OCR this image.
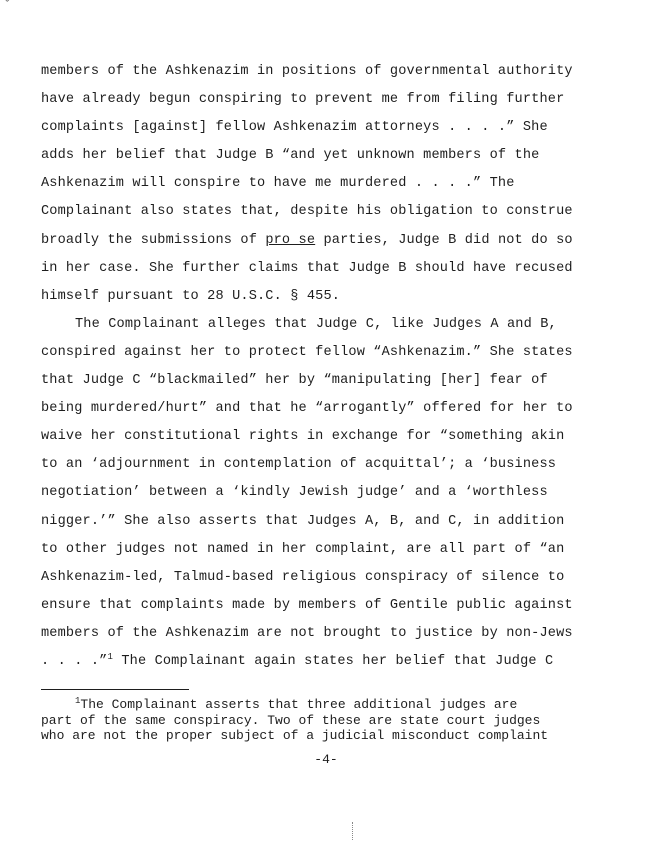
ˇ

members of the Ashkenazim in positions of governmental authority

have already begun conspiring to prevent me from filing further

complaints [against] fellow Ashkenazim attorneys . . . .” She

adds her belief that Judge B “and yet unknown members of the

Ashkenazim will conspire to have me murdered . . . .” The

Complainant also states that, despite his obligation to construe

broadly the submissions of pro se parties, Judge B did not do so

in her case. She further claims that Judge B should have recused

himself pursuant to 28 U.S.C. § 455.

The Complainant alleges that Judge C, like Judges A and B,

conspired against her to protect fellow “Ashkenazim.” She states

that Judge C “blackmailed” her by “manipulating [her] fear of

being murdered/hurt” and that he “arrogantly” offered for her to

waive her constitutional rights in exchange for “something akin

to an ‘adjournment in contemplation of acquittal’; a ‘business

negotiation’ between a ‘kindly Jewish judge’ and a ‘worthless

nigger.’” She also asserts that Judges A, B, and C, in addition

to other judges not named in her complaint, are all part of “an

Ashkenazim-led, Talmud-based religious conspiracy of silence to

ensure that complaints made by members of Gentile public against

members of the Ashkenazim are not brought to justice by non-Jews

. . . .”$^1$ The Complainant again states her belief that Judge C

$^1$The Complainant asserts that three additional judges are

part of the same conspiracy. Two of these are state court judges

who are not the proper subject of a judicial misconduct complaint

-4-
